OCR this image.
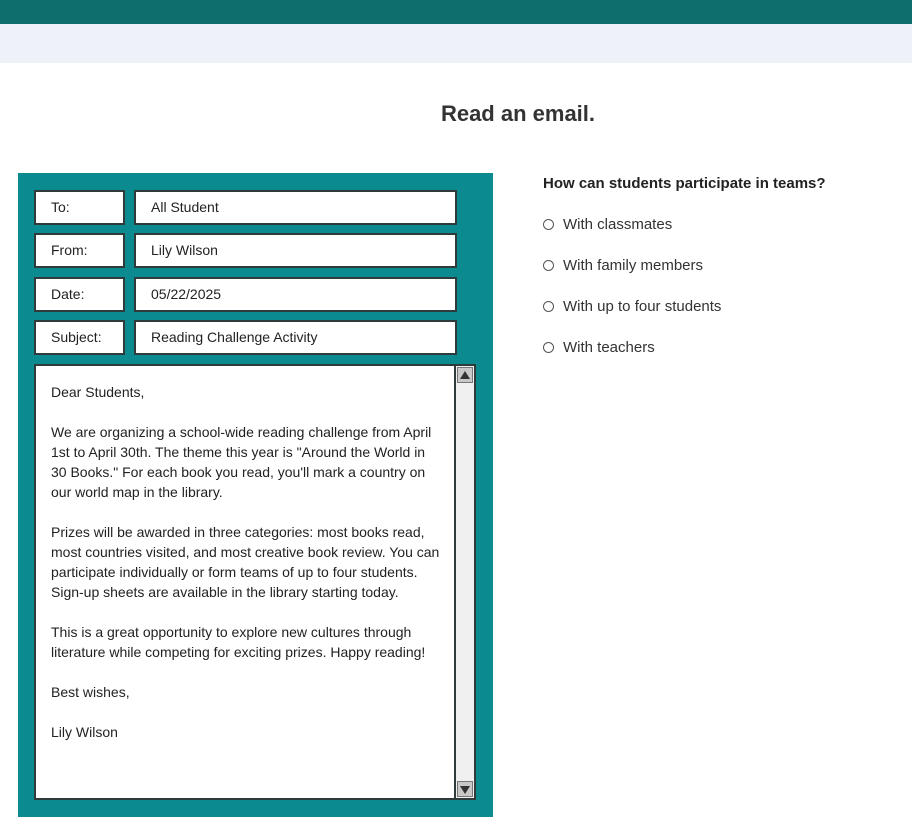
Read an email.
To:	All Student
From:	Lily Wilson
Date:	05/22/2025
Subject:	Reading Challenge Activity

Dear Students,

We are organizing a school-wide reading challenge from April 1st to April 30th. The theme this year is "Around the World in 30 Books." For each book you read, you'll mark a country on our world map in the library.

Prizes will be awarded in three categories: most books read, most countries visited, and most creative book review. You can participate individually or form teams of up to four students. Sign-up sheets are available in the library starting today.

This is a great opportunity to explore new cultures through literature while competing for exciting prizes. Happy reading!

Best wishes,

Lily Wilson

How can students participate in teams?
With classmates
With family members
With up to four students
With teachers
